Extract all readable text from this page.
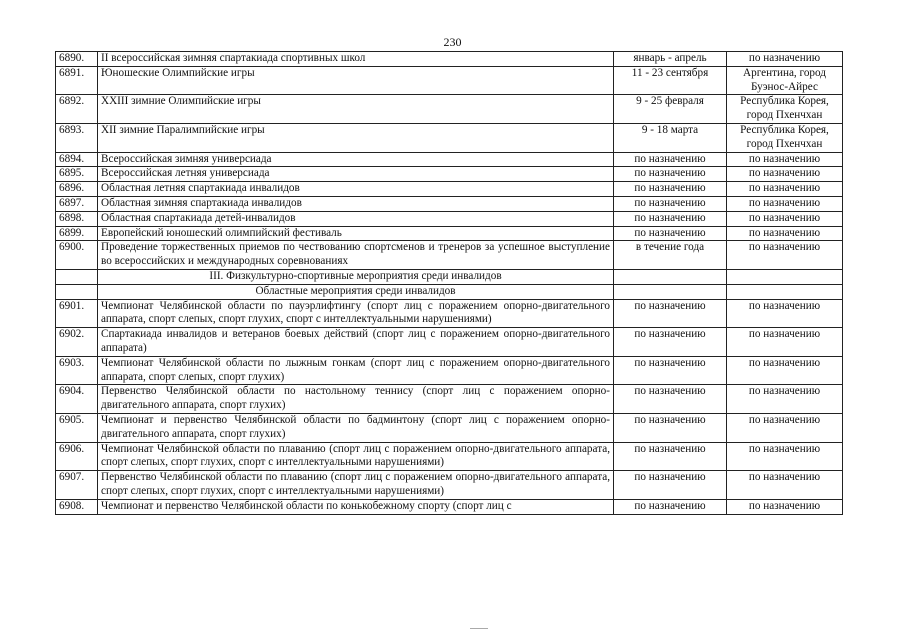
230
6890.	II всероссийская зимняя спартакиада спортивных школ	январь - апрель	по назначению
6891.	Юношеские Олимпийские игры	11 - 23 сентября	Аргентина, город Буэнос-Айрес
6892.	XXIII зимние Олимпийские игры	9 - 25 февраля	Республика Корея, город Пхенчхан
6893.	XII зимние Паралимпийские игры	9 - 18 марта	Республика Корея, город Пхенчхан
6894.	Всероссийская зимняя универсиада	по назначению	по назначению
6895.	Всероссийская летняя универсиада	по назначению	по назначению
6896.	Областная летняя спартакиада инвалидов	по назначению	по назначению
6897.	Областная зимняя спартакиада инвалидов	по назначению	по назначению
6898.	Областная спартакиада детей-инвалидов	по назначению	по назначению
6899.	Европейский юношеский олимпийский фестиваль	по назначению	по назначению
6900.	Проведение торжественных приемов по чествованию спортсменов и тренеров за успешное выступление во всероссийских и международных соревнованиях	в течение года	по назначению
	III. Физкультурно-спортивные мероприятия среди инвалидов		
	Областные мероприятия среди инвалидов		
6901.	Чемпионат Челябинской области по пауэрлифтингу (спорт лиц с поражением опорно-двигательного аппарата, спорт слепых, спорт глухих, спорт с интеллектуальными нарушениями)	по назначению	по назначению
6902.	Спартакиада инвалидов и ветеранов боевых действий (спорт лиц с поражением опорно-двигательного аппарата)	по назначению	по назначению
6903.	Чемпионат Челябинской области по лыжным гонкам (спорт лиц с поражением опорно-двигательного аппарата, спорт слепых, спорт глухих)	по назначению	по назначению
6904.	Первенство Челябинской области по настольному теннису (спорт лиц с поражением опорно-двигательного аппарата, спорт глухих)	по назначению	по назначению
6905.	Чемпионат и первенство Челябинской области по бадминтону (спорт лиц с поражением опорно-двигательного аппарата, спорт глухих)	по назначению	по назначению
6906.	Чемпионат Челябинской области по плаванию (спорт лиц с поражением опорно-двигательного аппарата, спорт слепых, спорт глухих, спорт с интеллектуальными нарушениями)	по назначению	по назначению
6907.	Первенство Челябинской области по плаванию (спорт лиц с поражением опорно-двигательного аппарата, спорт слепых, спорт глухих, спорт с интеллектуальными нарушениями)	по назначению	по назначению
6908.	Чемпионат и первенство Челябинской области по конькобежному спорту (спорт лиц с	по назначению	по назначению
